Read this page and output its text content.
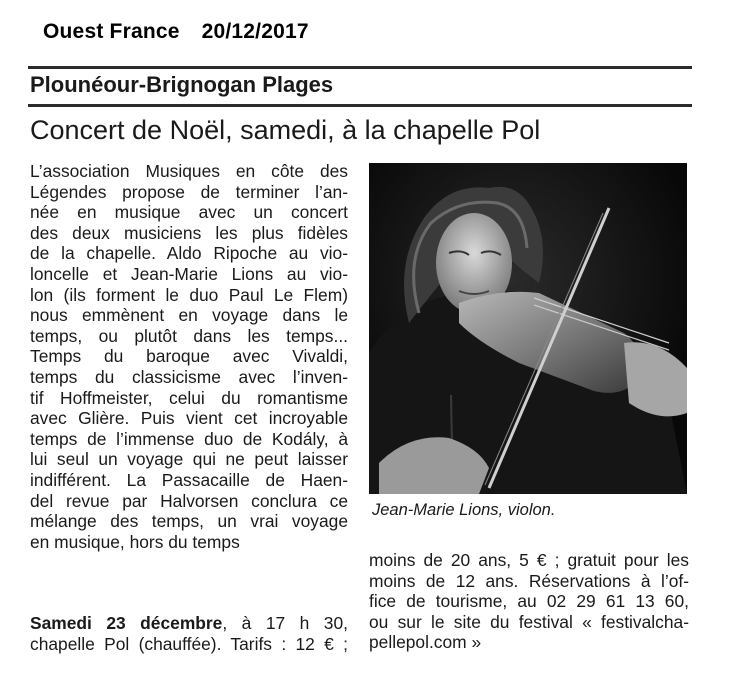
Ouest France 20/12/2017
Plounéour-Brignogan Plages
Concert de Noël, samedi, à la chapelle Pol
L’association Musiques en côte des
Légendes propose de terminer l’an-
née en musique avec un concert
des deux musiciens les plus fidèles
de la chapelle. Aldo Ripoche au vio-
loncelle et Jean-Marie Lions au vio-
lon (ils forment le duo Paul Le Flem)
nous emmènent en voyage dans le
temps, ou plutôt dans les temps...
Temps du baroque avec Vivaldi,
temps du classicisme avec l’inven-
tif Hoffmeister, celui du romantisme
avec Glière. Puis vient cet incroyable
temps de l’immense duo de Kodály, à
lui seul un voyage qui ne peut laisser
indifférent. La Passacaille de Haen-
del revue par Halvorsen conclura ce
mélange des temps, un vrai voyage
en musique, hors du temps
Samedi 23 décembre, à 17 h 30,
chapelle Pol (chauffée). Tarifs : 12 € ;
Jean-Marie Lions, violon.
moins de 20 ans, 5 € ; gratuit pour les
moins de 12 ans. Réservations à l’of-
fice de tourisme, au 02 29 61 13 60,
ou sur le site du festival « festivalcha-
pellepol.com »
